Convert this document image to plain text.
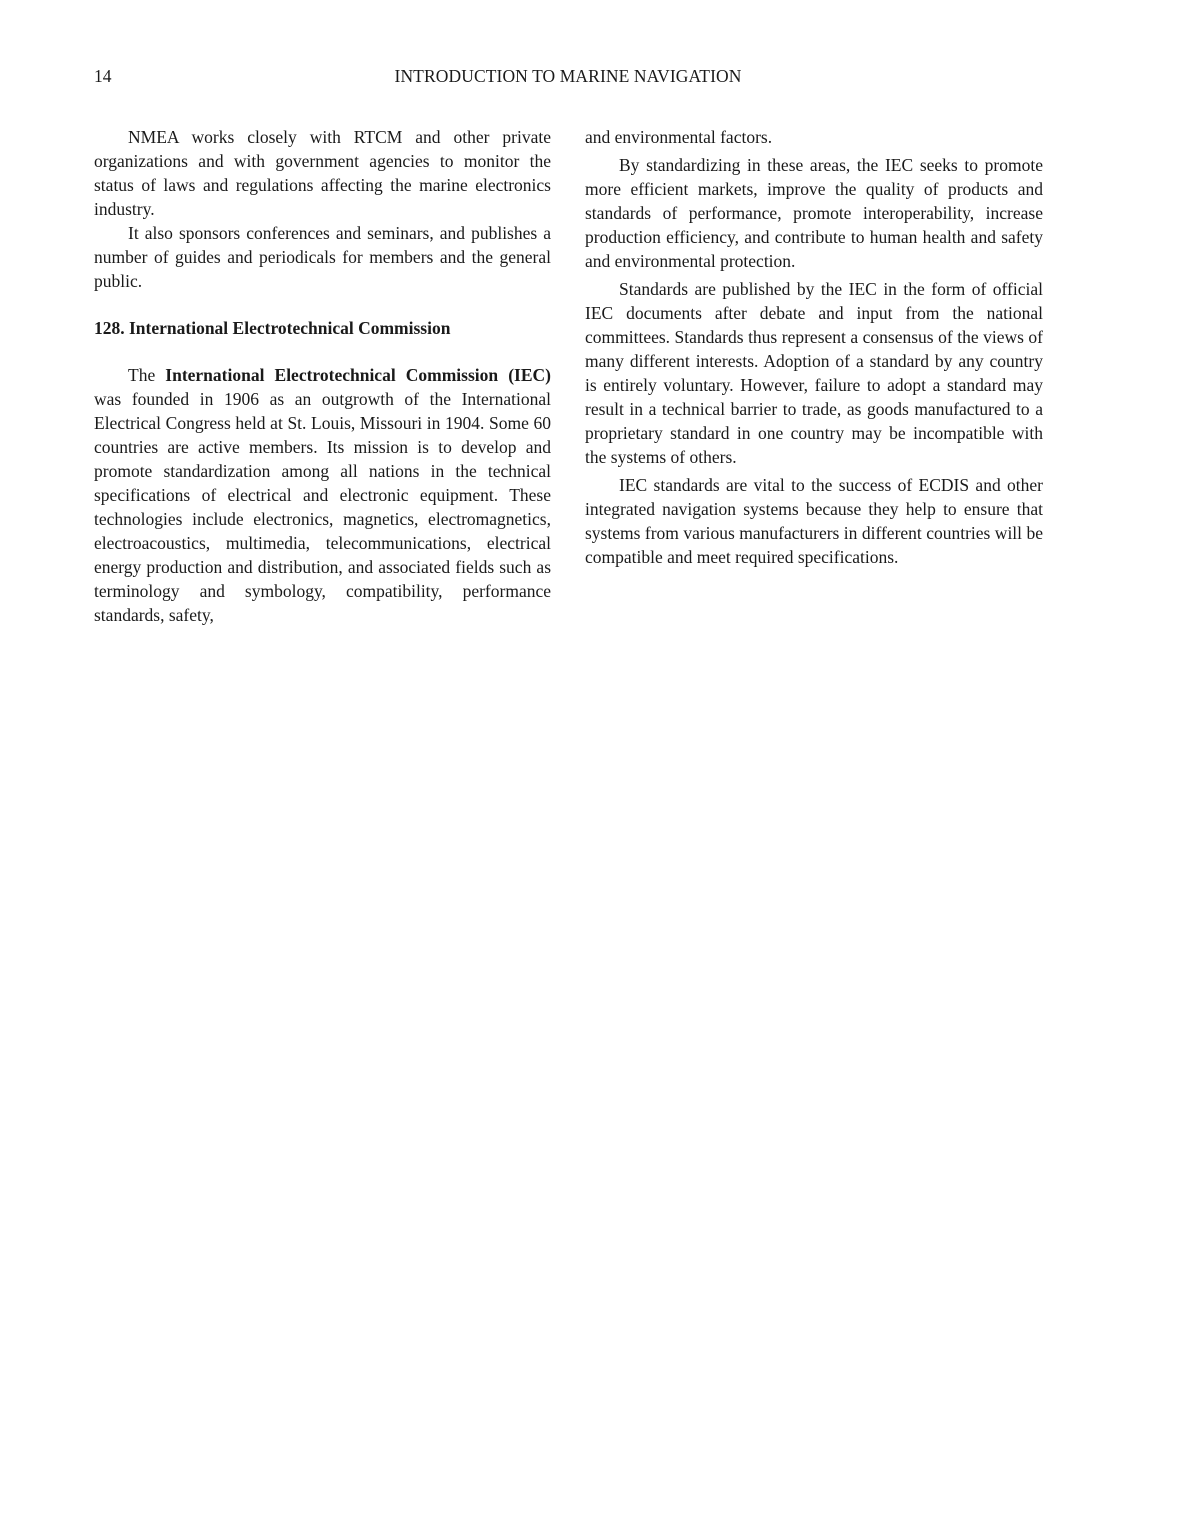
14	INTRODUCTION TO MARINE NAVIGATION

NMEA works closely with RTCM and other private organizations and with government agencies to monitor the status of laws and regulations affecting the marine electronics industry.

It also sponsors conferences and seminars, and publishes a number of guides and periodicals for members and the general public.

128. International Electrotechnical Commission

The International Electrotechnical Commission (IEC) was founded in 1906 as an outgrowth of the International Electrical Congress held at St. Louis, Missouri in 1904. Some 60 countries are active members. Its mission is to develop and promote standardization among all nations in the technical specifications of electrical and electronic equipment. These technologies include electronics, magnetics, electromagnetics, electroacoustics, multimedia, telecommunications, electrical energy production and distribution, and associated fields such as terminology and symbology, compatibility, performance standards, safety,

and environmental factors.

By standardizing in these areas, the IEC seeks to promote more efficient markets, improve the quality of products and standards of performance, promote interoperability, increase production efficiency, and contribute to human health and safety and environmental protection.

Standards are published by the IEC in the form of official IEC documents after debate and input from the national committees. Standards thus represent a consensus of the views of many different interests. Adoption of a standard by any country is entirely voluntary. However, failure to adopt a standard may result in a technical barrier to trade, as goods manufactured to a proprietary standard in one country may be incompatible with the systems of others.

IEC standards are vital to the success of ECDIS and other integrated navigation systems because they help to ensure that systems from various manufacturers in different countries will be compatible and meet required specifications.
